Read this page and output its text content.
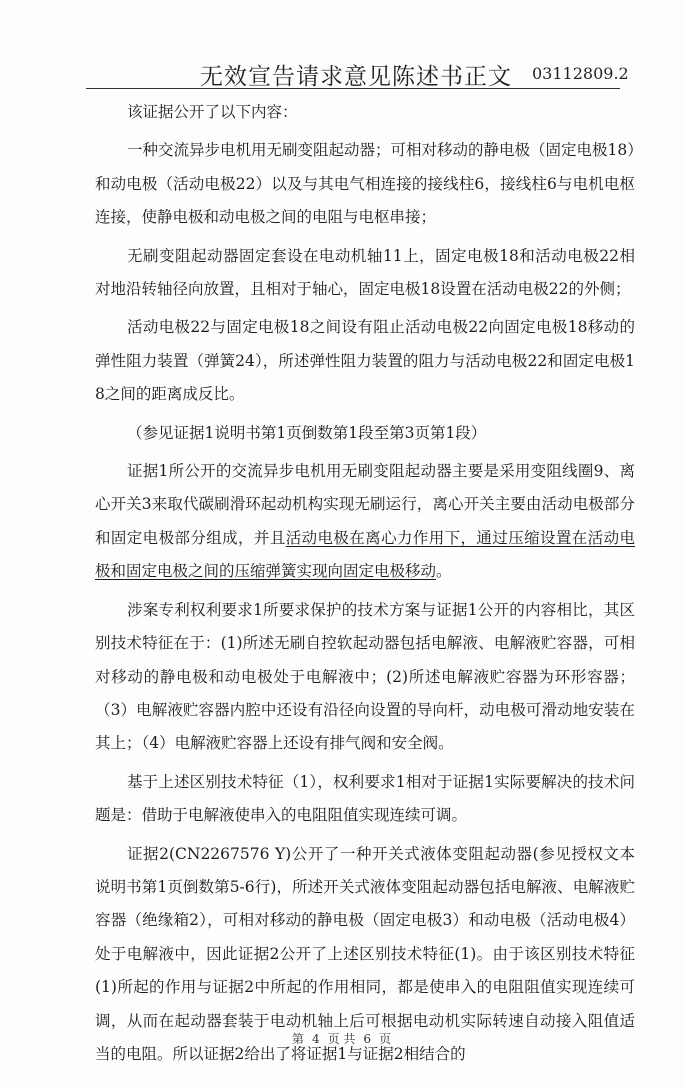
无效宣告请求意见陈述书正文 03112809.2

该证据公开了以下内容：

一种交流异步电机用无刷变阻起动器；可相对移动的静电极（固定电极18）和动电极（活动电极22）以及与其电气相连接的接线柱6，接线柱6与电机电枢连接，使静电极和动电极之间的电阻与电枢串接；

无刷变阻起动器固定套设在电动机轴11上，固定电极18和活动电极22相对地沿转轴径向放置，且相对于轴心，固定电极18设置在活动电极22的外侧；

活动电极22与固定电极18之间设有阻止活动电极22向固定电极18移动的弹性阻力装置（弹簧24），所述弹性阻力装置的阻力与活动电极22和固定电极18之间的距离成反比。

（参见证据1说明书第1页倒数第1段至第3页第1段）

证据1所公开的交流异步电机用无刷变阻起动器主要是采用变阻线圈9、离心开关3来取代碳刷滑环起动机构实现无刷运行，离心开关主要由活动电极部分和固定电极部分组成，并且活动电极在离心力作用下，通过压缩设置在活动电极和固定电极之间的压缩弹簧实现向固定电极移动。

涉案专利权利要求1所要求保护的技术方案与证据1公开的内容相比，其区别技术特征在于：(1)所述无刷自控软起动器包括电解液、电解液贮容器，可相对移动的静电极和动电极处于电解液中；(2)所述电解液贮容器为环形容器；（3）电解液贮容器内腔中还设有沿径向设置的导向杆，动电极可滑动地安装在其上；（4）电解液贮容器上还设有排气阀和安全阀。

基于上述区别技术特征（1），权利要求1相对于证据1实际要解决的技术问题是：借助于电解液使串入的电阻阻值实现连续可调。

证据2(CN2267576 Y)公开了一种开关式液体变阻起动器(参见授权文本说明书第1页倒数第5-6行)，所述开关式液体变阻起动器包括电解液、电解液贮容器（绝缘箱2），可相对移动的静电极（固定电极3）和动电极（活动电极4）处于电解液中，因此证据2公开了上述区别技术特征(1)。由于该区别技术特征(1)所起的作用与证据2中所起的作用相同，都是使串入的电阻阻值实现连续可调，从而在起动器套装于电动机轴上后可根据电动机实际转速自动接入阻值适当的电阻。所以证据2给出了将证据1与证据2相结合的

第 4 页 共 6 页
